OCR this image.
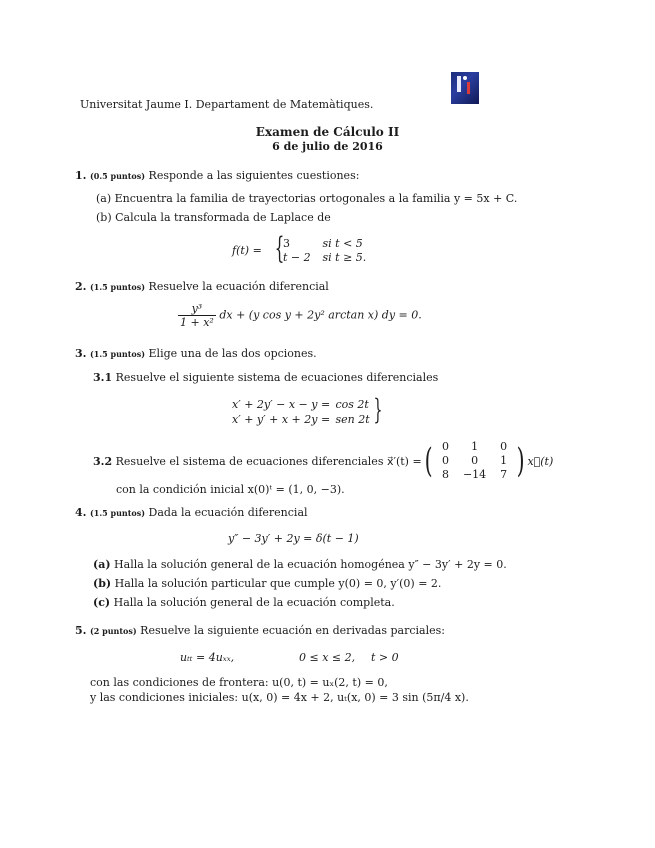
Universitat Jaume I. Departament de Matemàtiques.
Examen de Cálculo II
6 de julio de 2016
1. (0.5 puntos) Responde a las siguientes cuestiones:
(a) Encuentra la familia de trayectorias ortogonales a la familia y = 5x + C.
(b) Calcula la transformada de Laplace de
f(t) = {
3	si t < 5
t − 2 si t ≥ 5.
2. (1.5 puntos) Resuelve la ecuación diferencial
$\frac{\text{y³}}{\text{1 + x²}}$ dx + (y cos y + 2y² arctan x) dy = 0.
3. (1.5 puntos) Elige una de las dos opciones.
3.1 Resuelve el siguiente sistema de ecuaciones diferenciales
x′ + 2y′ − x − y = cos 2t
x′ + y′ + x + 2y = sen 2t }
3.2
Resuelve el sistema de ecuaciones diferenciales x⃗′(t) = ( 0	1	0
0	0	1
8	−14	7 ) x⃗(t)
con la condición inicial x(0)ᵗ = (1, 0, −3).
4. (1.5 puntos) Dada la ecuación diferencial
y″ − 3y′ + 2y = δ(t − 1)
(a) Halla la solución general de la ecuación homogénea y″ − 3y′ + 2y = 0.
(b) Halla la solución particular que cumple y(0) = 0, y′(0) = 2.
(c) Halla la solución general de la ecuación completa.
5. (2 puntos) Resuelve la siguiente ecuación en derivadas parciales:
uₜₜ = 4uₓₓ,	0 ≤ x ≤ 2, t > 0
con las condiciones de frontera: u(0, t) = uₓ(2, t) = 0,
y las condiciones iniciales: u(x, 0) = 4x + 2, uₜ(x, 0) = 3 sin (5π/4 x).
